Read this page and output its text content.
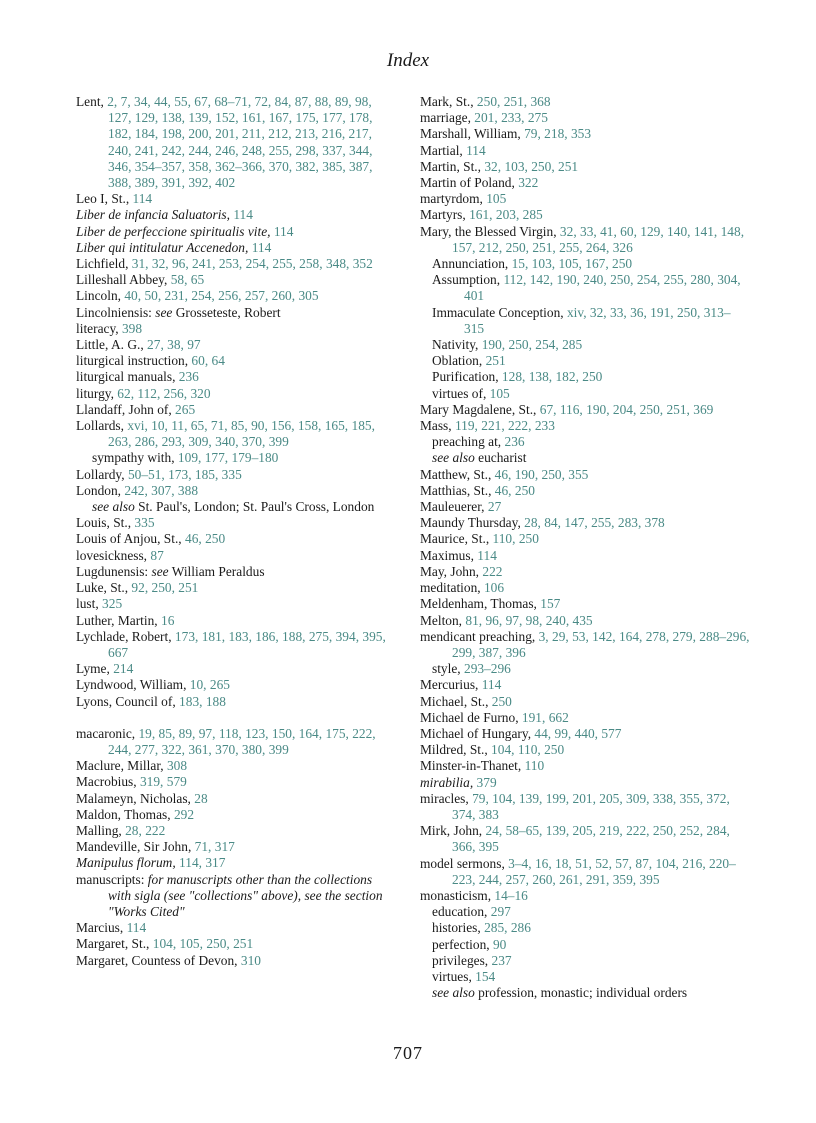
Index
Lent, 2, 7, 34, 44, 55, 67, 68–71, 72, 84, 87, 88, 89, 98, 127, 129, 138, 139, 152, 161, 167, 175, 177, 178, 182, 184, 198, 200, 201, 211, 212, 213, 216, 217, 240, 241, 242, 244, 246, 248, 255, 298, 337, 344, 346, 354–357, 358, 362–366, 370, 382, 385, 387, 388, 389, 391, 392, 402
Leo I, St., 114
Liber de infancia Saluatoris, 114
Liber de perfeccione spiritualis vite, 114
Liber qui intitulatur Accenedon, 114
Lichfield, 31, 32, 96, 241, 253, 254, 255, 258, 348, 352
Lilleshall Abbey, 58, 65
Lincoln, 40, 50, 231, 254, 256, 257, 260, 305
Lincolniensis: see Grosseteste, Robert
literacy, 398
Little, A. G., 27, 38, 97
liturgical instruction, 60, 64
liturgical manuals, 236
liturgy, 62, 112, 256, 320
Llandaff, John of, 265
Lollards, xvi, 10, 11, 65, 71, 85, 90, 156, 158, 165, 185, 263, 286, 293, 309, 340, 370, 399
sympathy with, 109, 177, 179–180
Lollardy, 50–51, 173, 185, 335
London, 242, 307, 388
see also St. Paul's, London; St. Paul's Cross, London
Louis, St., 335
Louis of Anjou, St., 46, 250
lovesickness, 87
Lugdunensis: see William Peraldus
Luke, St., 92, 250, 251
lust, 325
Luther, Martin, 16
Lychlade, Robert, 173, 181, 183, 186, 188, 275, 394, 395, 667
Lyme, 214
Lyndwood, William, 10, 265
Lyons, Council of, 183, 188
macaronic, 19, 85, 89, 97, 118, 123, 150, 164, 175, 222, 244, 277, 322, 361, 370, 380, 399
Maclure, Millar, 308
Macrobius, 319, 579
Malameyn, Nicholas, 28
Maldon, Thomas, 292
Malling, 28, 222
Mandeville, Sir John, 71, 317
Manipulus florum, 114, 317
manuscripts: for manuscripts other than the collections with sigla (see "collections" above), see the section "Works Cited"
Marcius, 114
Margaret, St., 104, 105, 250, 251
Margaret, Countess of Devon, 310
Mark, St., 250, 251, 368
marriage, 201, 233, 275
Marshall, William, 79, 218, 353
Martial, 114
Martin, St., 32, 103, 250, 251
Martin of Poland, 322
martyrdom, 105
Martyrs, 161, 203, 285
Mary, the Blessed Virgin, 32, 33, 41, 60, 129, 140, 141, 148, 157, 212, 250, 251, 255, 264, 326
Annunciation, 15, 103, 105, 167, 250
Assumption, 112, 142, 190, 240, 250, 254, 255, 280, 304, 401
Immaculate Conception, xiv, 32, 33, 36, 191, 250, 313–315
Nativity, 190, 250, 254, 285
Oblation, 251
Purification, 128, 138, 182, 250
virtues of, 105
Mary Magdalene, St., 67, 116, 190, 204, 250, 251, 369
Mass, 119, 221, 222, 233
preaching at, 236
see also eucharist
Matthew, St., 46, 190, 250, 355
Matthias, St., 46, 250
Mauleuerer, 27
Maundy Thursday, 28, 84, 147, 255, 283, 378
Maurice, St., 110, 250
Maximus, 114
May, John, 222
meditation, 106
Meldenham, Thomas, 157
Melton, 81, 96, 97, 98, 240, 435
mendicant preaching, 3, 29, 53, 142, 164, 278, 279, 288–296, 299, 387, 396
style, 293–296
Mercurius, 114
Michael, St., 250
Michael de Furno, 191, 662
Michael of Hungary, 44, 99, 440, 577
Mildred, St., 104, 110, 250
Minster-in-Thanet, 110
mirabilia, 379
miracles, 79, 104, 139, 199, 201, 205, 309, 338, 355, 372, 374, 383
Mirk, John, 24, 58–65, 139, 205, 219, 222, 250, 252, 284, 366, 395
model sermons, 3–4, 16, 18, 51, 52, 57, 87, 104, 216, 220–223, 244, 257, 260, 261, 291, 359, 395
monasticism, 14–16
education, 297
histories, 285, 286
perfection, 90
privileges, 237
virtues, 154
see also profession, monastic; individual orders
707
